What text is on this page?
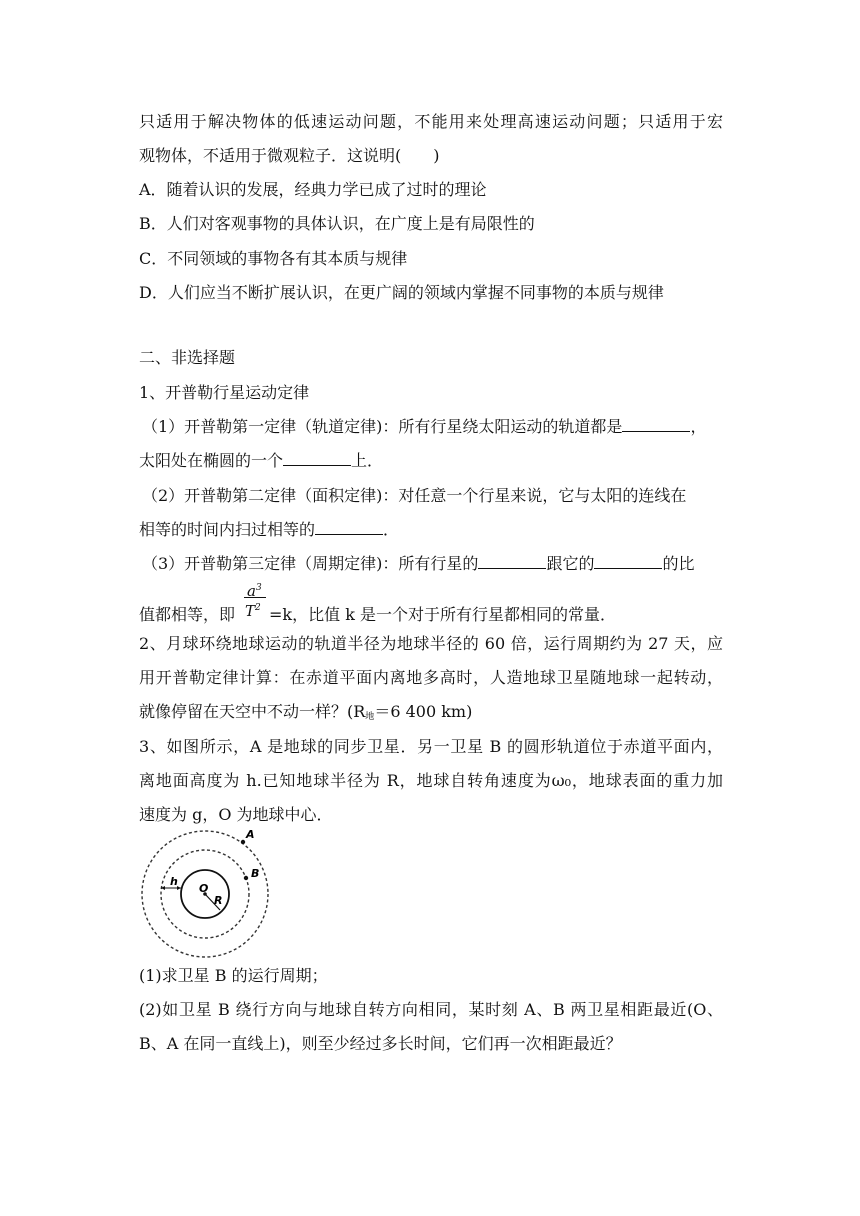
只适用于解决物体的低速运动问题，不能用来处理高速运动问题；只适用于宏
观物体，不适用于微观粒子．这说明(　　)
A．随着认识的发展，经典力学已成了过时的理论
B．人们对客观事物的具体认识，在广度上是有局限性的
C．不同领域的事物各有其本质与规律
D．人们应当不断扩展认识，在更广阔的领域内掌握不同事物的本质与规律
二、非选择题
1、开普勒行星运动定律
（1）开普勒第一定律（轨道定律)：所有行星绕太阳运动的轨道都是	，
太阳处在椭圆的一个	上．
（2）开普勒第二定律（面积定律)：对任意一个行星来说，它与太阳的连线在
相等的时间内扫过相等的	．
（3）开普勒第三定律（周期定律)：所有行星的	跟它的	的比
值都相等，即 $\frac{a^3}{T^2} =k$，比值 k 是一个对于所有行星都相同的常量．
2、月球环绕地球运动的轨道半径为地球半径的 60 倍，运行周期约为 27 天，应
用开普勒定律计算：在赤道平面内离地多高时，人造地球卫星随地球一起转动，
就像停留在天空中不动一样？($R_地=6$ 400 km)
3、如图所示，A 是地球的同步卫星．另一卫星 B 的圆形轨道位于赤道平面内，
离地面高度为 h.已知地球半径为 R，地球自转角速度为ω₀，地球表面的重力加
速度为 g，O 为地球中心．
A
B
O
R
h
(1)求卫星 B 的运行周期；
(2)如卫星 B 绕行方向与地球自转方向相同，某时刻 A、B 两卫星相距最近(O、
B、A 在同一直线上)，则至少经过多长时间，它们再一次相距最近？
